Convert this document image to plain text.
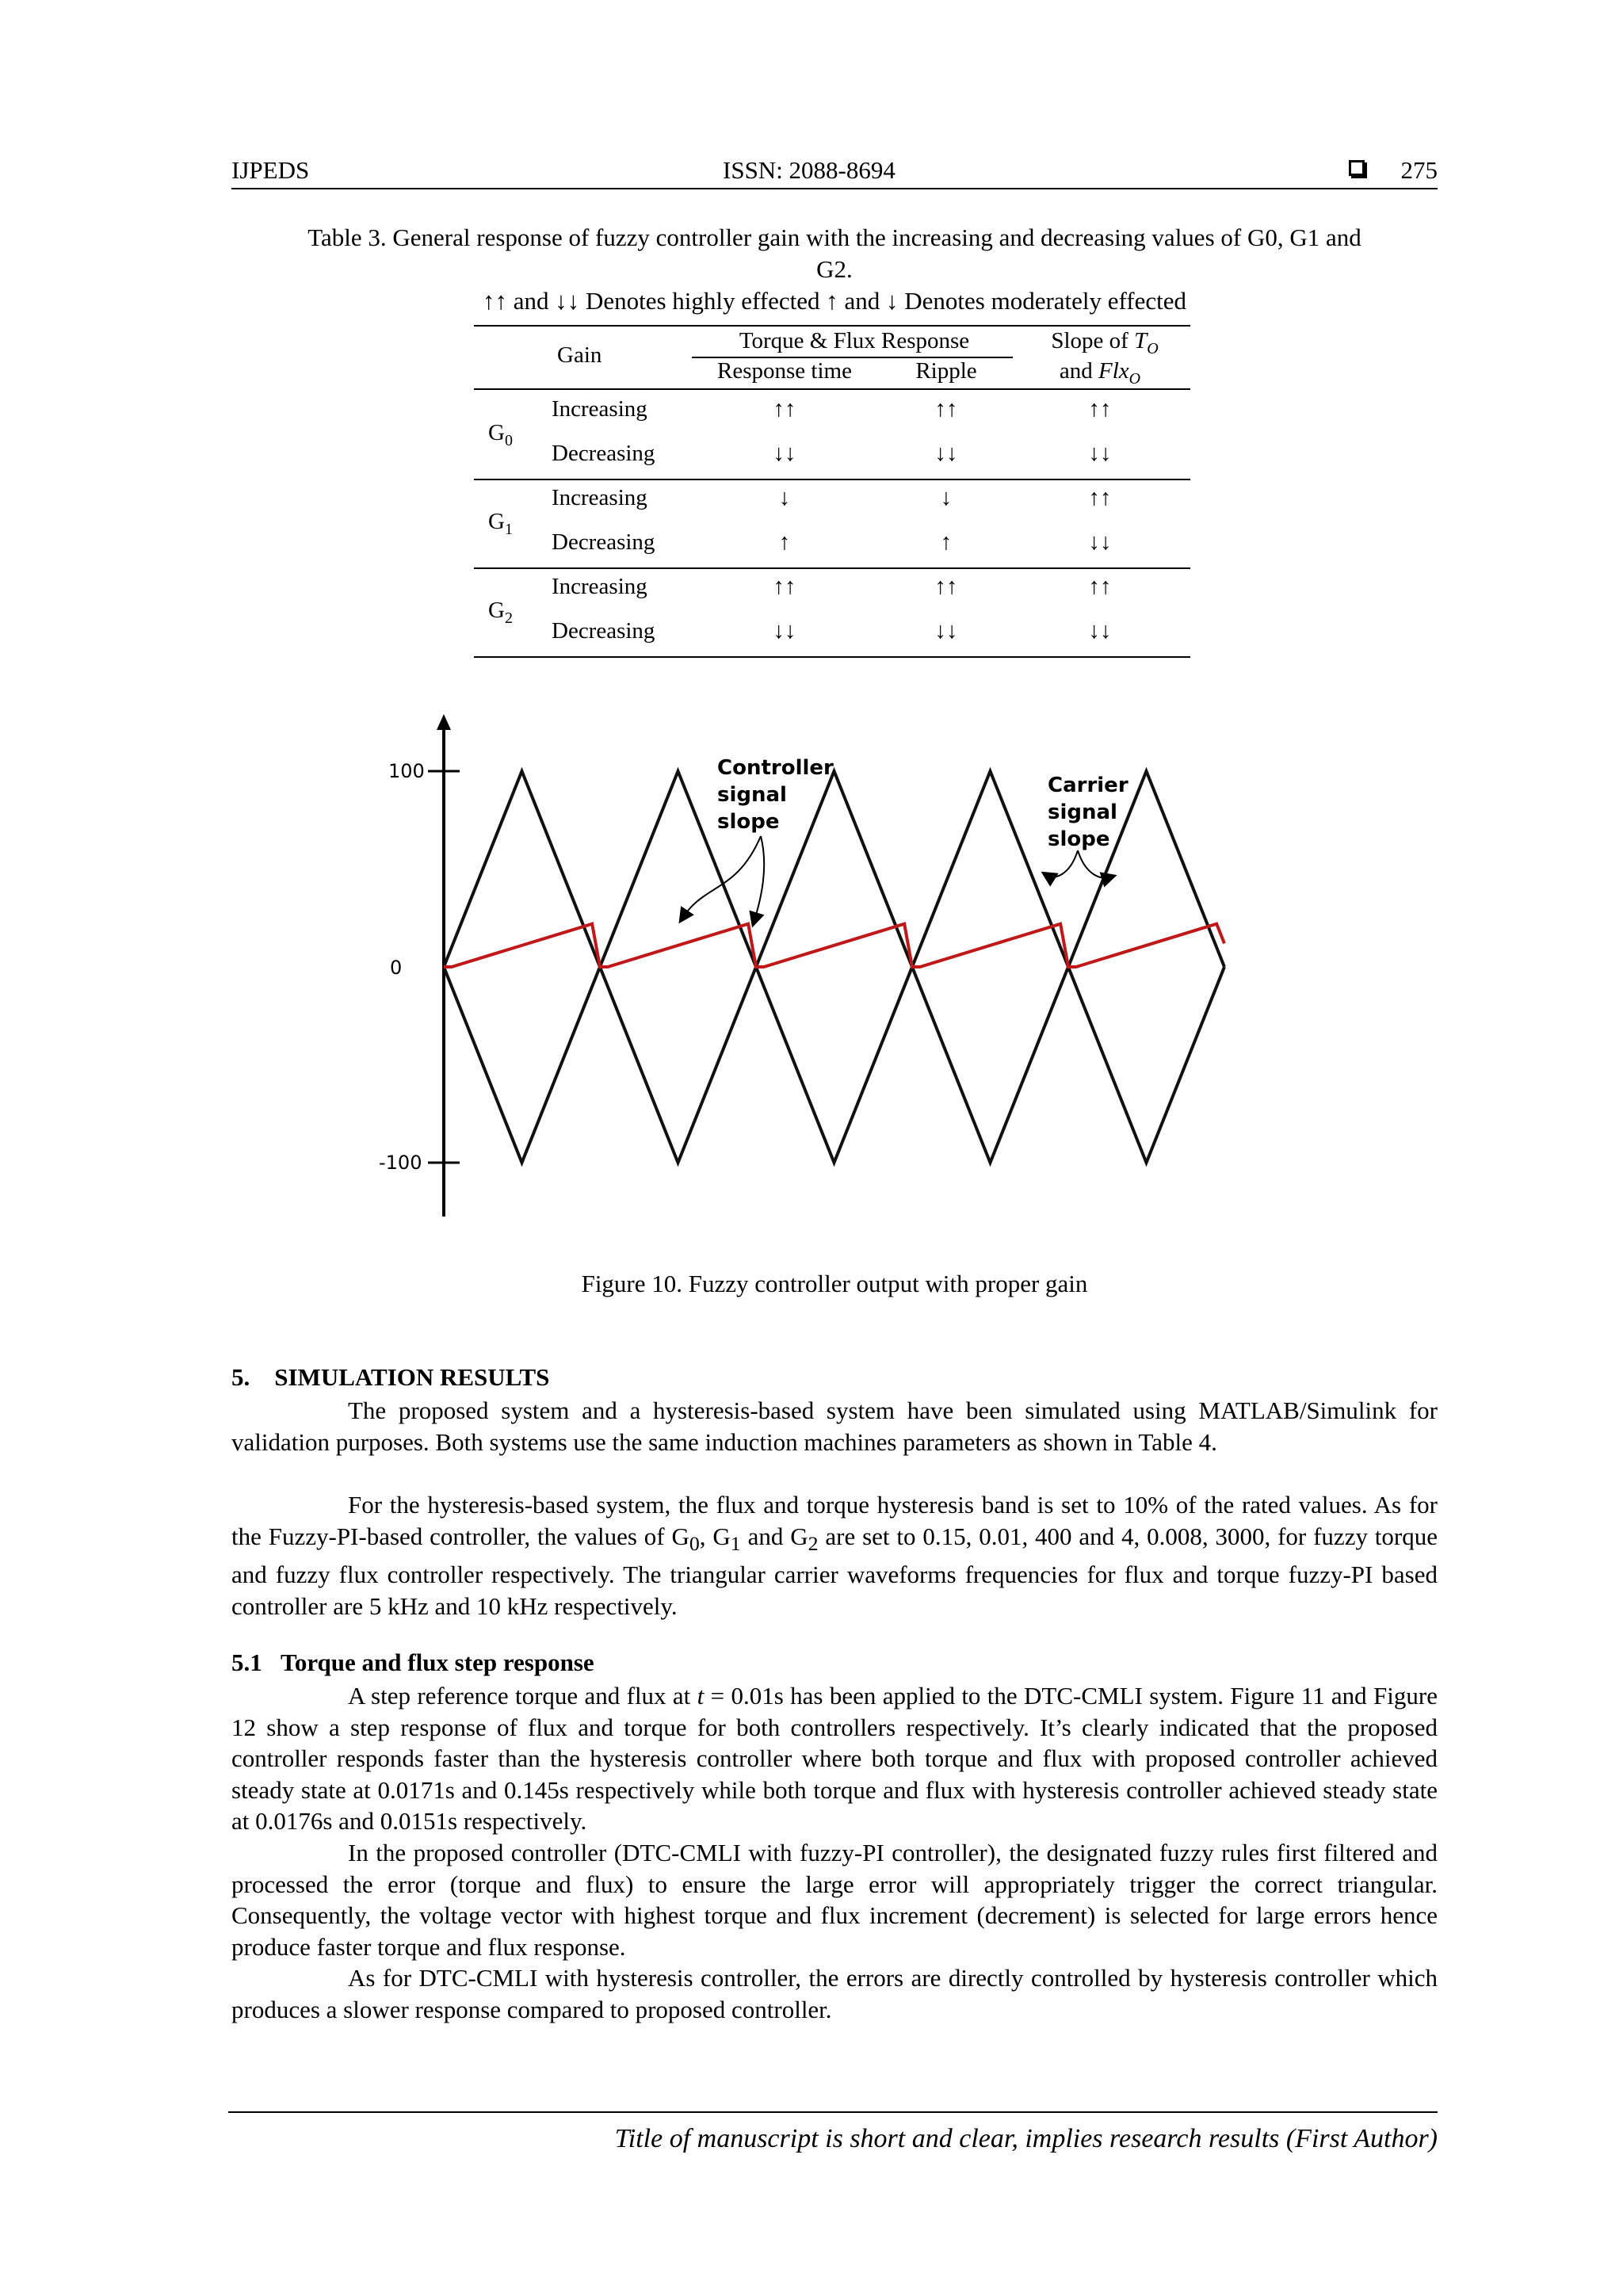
IJPEDS	ISSN: 2088-8694	275
Table 3. General response of fuzzy controller gain with the increasing and decreasing values of G0, G1 and
G2.
↑↑ and ↓↓ Denotes highly effected ↑ and ↓ Denotes moderately effected
Gain
Torque & Flux Response
Response time	Ripple
Slope of $T_O$
and Flx$_O$
$G_0$
Increasing	↑↑	↑↑	↑↑
Decreasing	↓↓	↓↓	↓↓
$G_1$
Increasing	↓	↓	↑↑
Decreasing	↑	↑	↓↓
$G_2$
Increasing	↑↑	↑↑	↑↑
Decreasing	↓↓	↓↓	↓↓
100
0
-100
Controller
signal
slope
Carrier
signal
slope
Figure 10. Fuzzy controller output with proper gain
5. SIMULATION RESULTS
The proposed system and a hysteresis-based system have been simulated using MATLAB/Simulink for validation purposes. Both systems use the same induction machines parameters as shown in Table 4.
For the hysteresis-based system, the flux and torque hysteresis band is set to 10% of the rated values. As for the Fuzzy-PI-based controller, the values of $G_0$, $G_1$ and $G_2$ are set to 0.15, 0.01, 400 and 4, 0.008, 3000, for fuzzy torque and fuzzy flux controller respectively. The triangular carrier waveforms frequencies for flux and torque fuzzy-PI based controller are 5 kHz and 10 kHz respectively.
5.1 Torque and flux step response
A step reference torque and flux at t = 0.01s has been applied to the DTC-CMLI system. Figure 11 and Figure 12 show a step response of flux and torque for both controllers respectively. It’s clearly indicated that the proposed controller responds faster than the hysteresis controller where both torque and flux with proposed controller achieved steady state at 0.0171s and 0.145s respectively while both torque and flux with hysteresis controller achieved steady state at 0.0176s and 0.0151s respectively.
In the proposed controller (DTC-CMLI with fuzzy-PI controller), the designated fuzzy rules first filtered and processed the error (torque and flux) to ensure the large error will appropriately trigger the correct triangular. Consequently, the voltage vector with highest torque and flux increment (decrement) is selected for large errors hence produce faster torque and flux response.
As for DTC-CMLI with hysteresis controller, the errors are directly controlled by hysteresis controller which produces a slower response compared to proposed controller.
Title of manuscript is short and clear, implies research results (First Author)
